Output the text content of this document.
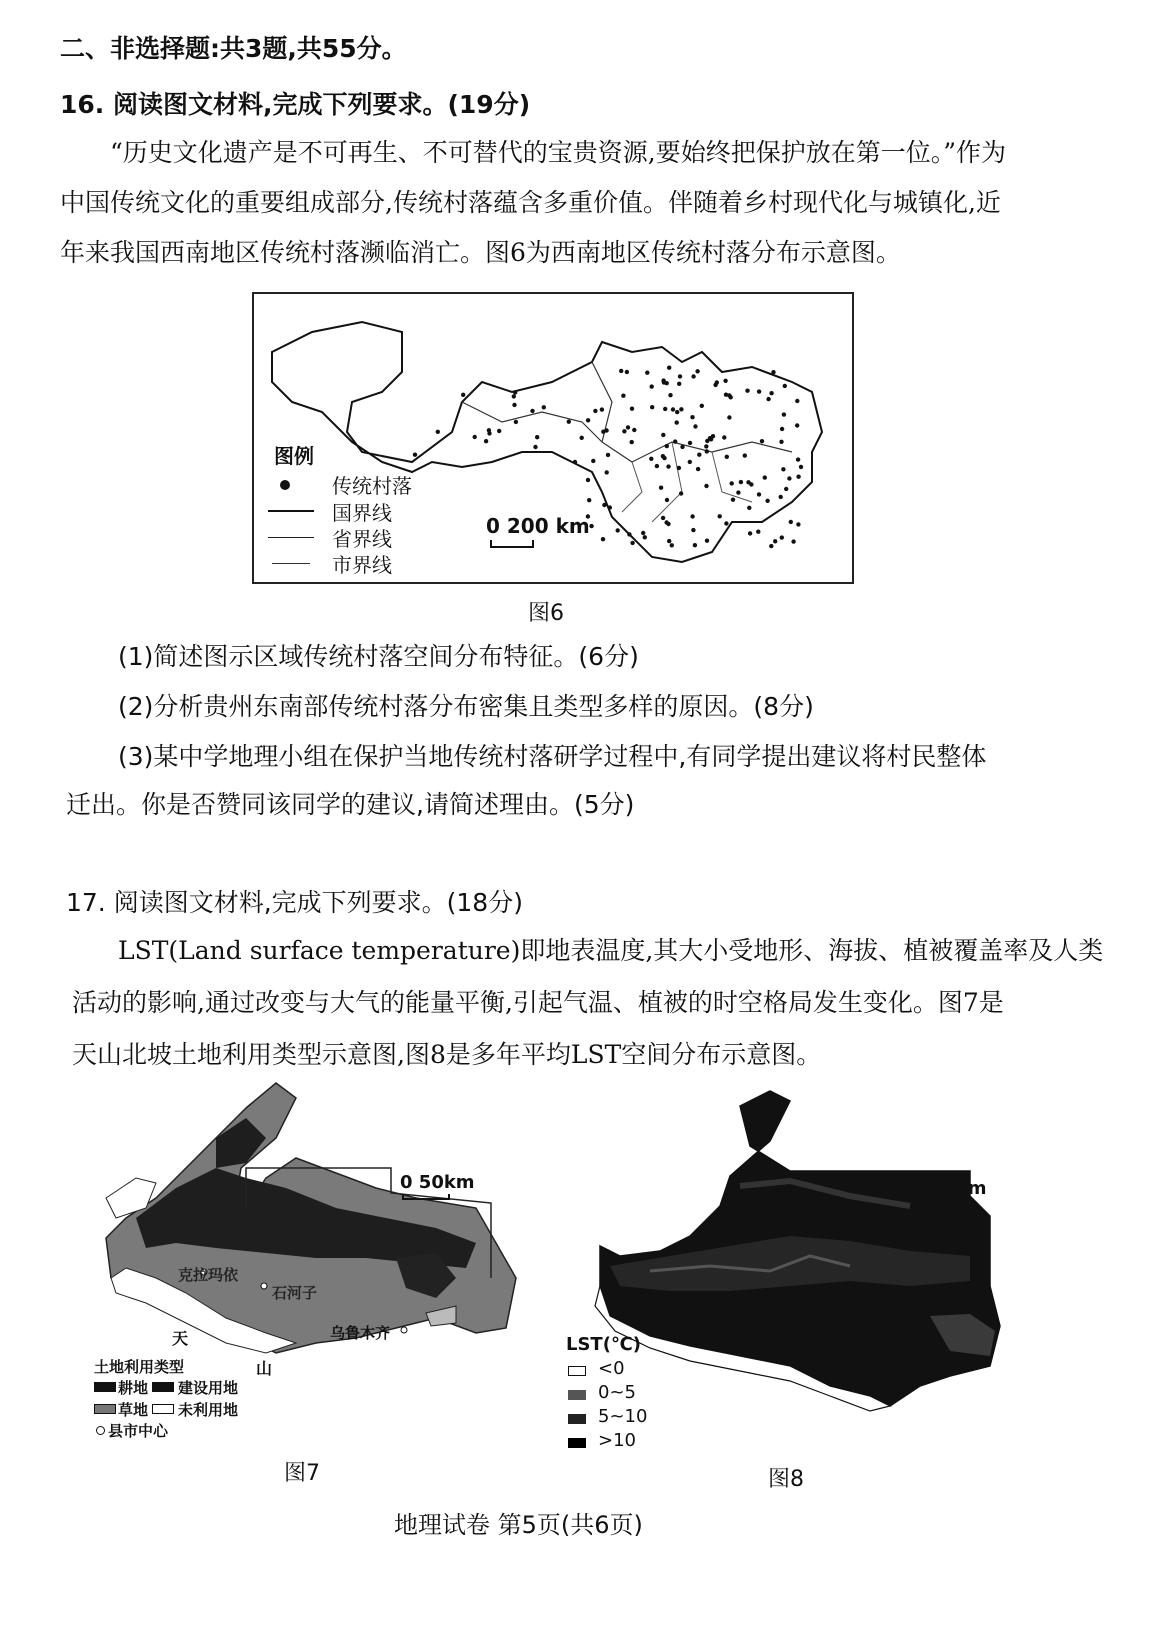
二、非选择题:共3题,共55分。
16. 阅读图文材料,完成下列要求。(19分)
“历史文化遗产是不可再生、不可替代的宝贵资源,要始终把保护放在第一位。”作为
中国传统文化的重要组成部分,传统村落蕴含多重价值。伴随着乡村现代化与城镇化,近
年来我国西南地区传统村落濒临消亡。图6为西南地区传统村落分布示意图。
图例
传统村落
国界线
省界线
市界线
0 200 km
图6
(1)简述图示区域传统村落空间分布特征。(6分)
(2)分析贵州东南部传统村落分布密集且类型多样的原因。(8分)
(3)某中学地理小组在保护当地传统村落研学过程中,有同学提出建议将村民整体
迁出。你是否赞同该同学的建议,请简述理由。(5分)
17. 阅读图文材料,完成下列要求。(18分)
LST(Land surface temperature)即地表温度,其大小受地形、海拔、植被覆盖率及人类
活动的影响,通过改变与大气的能量平衡,引起气温、植被的时空格局发生变化。图7是
天山北坡土地利用类型示意图,图8是多年平均LST空间分布示意图。
克拉玛依
石河子
乌鲁木齐
天
山
0 50km
土地利用类型
耕地 建设用地
草地 未利用地
县市中心
图7
0 50km
LST(℃)
<0
0~5
5~10
>10
图8
地理试卷 第5页(共6页)
